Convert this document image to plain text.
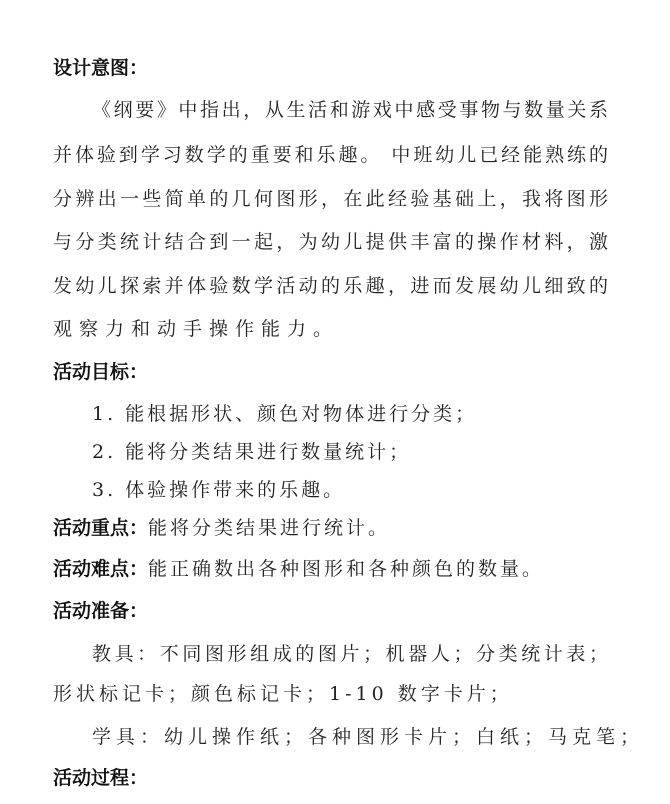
设计意图：
《纲要》中指出，从生活和游戏中感受事物与数量关系
并体验到学习数学的重要和乐趣。 中班幼儿已经能熟练的
分辨出一些简单的几何图形，在此经验基础上，我将图形
与分类统计结合到一起，为幼儿提供丰富的操作材料，激
发幼儿探索并体验数学活动的乐趣，进而发展幼儿细致的
观察力和动手操作能力。
活动目标：
1. 能根据形状、颜色对物体进行分类；
2. 能将分类结果进行数量统计；
3. 体验操作带来的乐趣。
活动重点：能将分类结果进行统计。
活动难点：能正确数出各种图形和各种颜色的数量。
活动准备：
教具：不同图形组成的图片；机器人；分类统计表；
形状标记卡；颜色标记卡；1-10 数字卡片；
学具：幼儿操作纸；各种图形卡片；白纸；马克笔；
活动过程：
